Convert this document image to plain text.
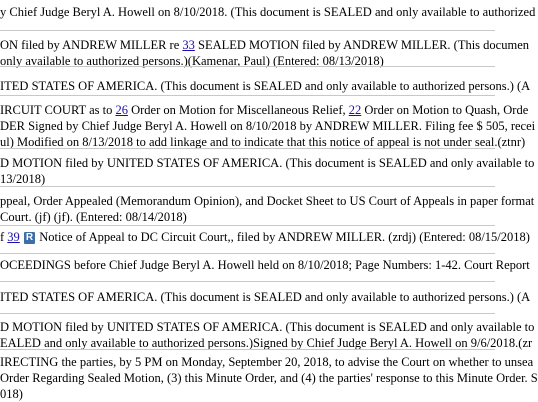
y Chief Judge Beryl A. Howell on 8/10/2018. (This document is SEALED and only available to authorized
ON filed by ANDREW MILLER re 33 SEALED MOTION filed by ANDREW MILLER. (This documen
only available to authorized persons.)(Kamenar, Paul) (Entered: 08/13/2018)
ITED STATES OF AMERICA. (This document is SEALED and only available to authorized persons.) (A
IRCUIT COURT as to 26 Order on Motion for Miscellaneous Relief, 22 Order on Motion to Quash, Orde
DER Signed by Chief Judge Beryl A. Howell on 8/10/2018 by ANDREW MILLER. Filing fee $ 505, recei
ul) Modified on 8/13/2018 to add linkage and to indicate that this notice of appeal is not under seal.(ztnr)
D MOTION filed by UNITED STATES OF AMERICA. (This document is SEALED and only available to
13/2018)
ppeal, Order Appealed (Memorandum Opinion), and Docket Sheet to US Court of Appeals in paper format
Court. (jf) (jf). (Entered: 08/14/2018)
f 39 R Notice of Appeal to DC Circuit Court,, filed by ANDREW MILLER. (zrdj) (Entered: 08/15/2018)
OCEEDINGS before Chief Judge Beryl A. Howell held on 8/10/2018; Page Numbers: 1-42. Court Report
ITED STATES OF AMERICA. (This document is SEALED and only available to authorized persons.) (A
D MOTION filed by UNITED STATES OF AMERICA. (This document is SEALED and only available to
EALED and only available to authorized persons.)Signed by Chief Judge Beryl A. Howell on 9/6/2018.(zr
IRECTING the parties, by 5 PM on Monday, September 20, 2018, to advise the Court on whether to unsea
Order Regarding Sealed Motion, (3) this Minute Order, and (4) the parties' response to this Minute Order. S
018)
